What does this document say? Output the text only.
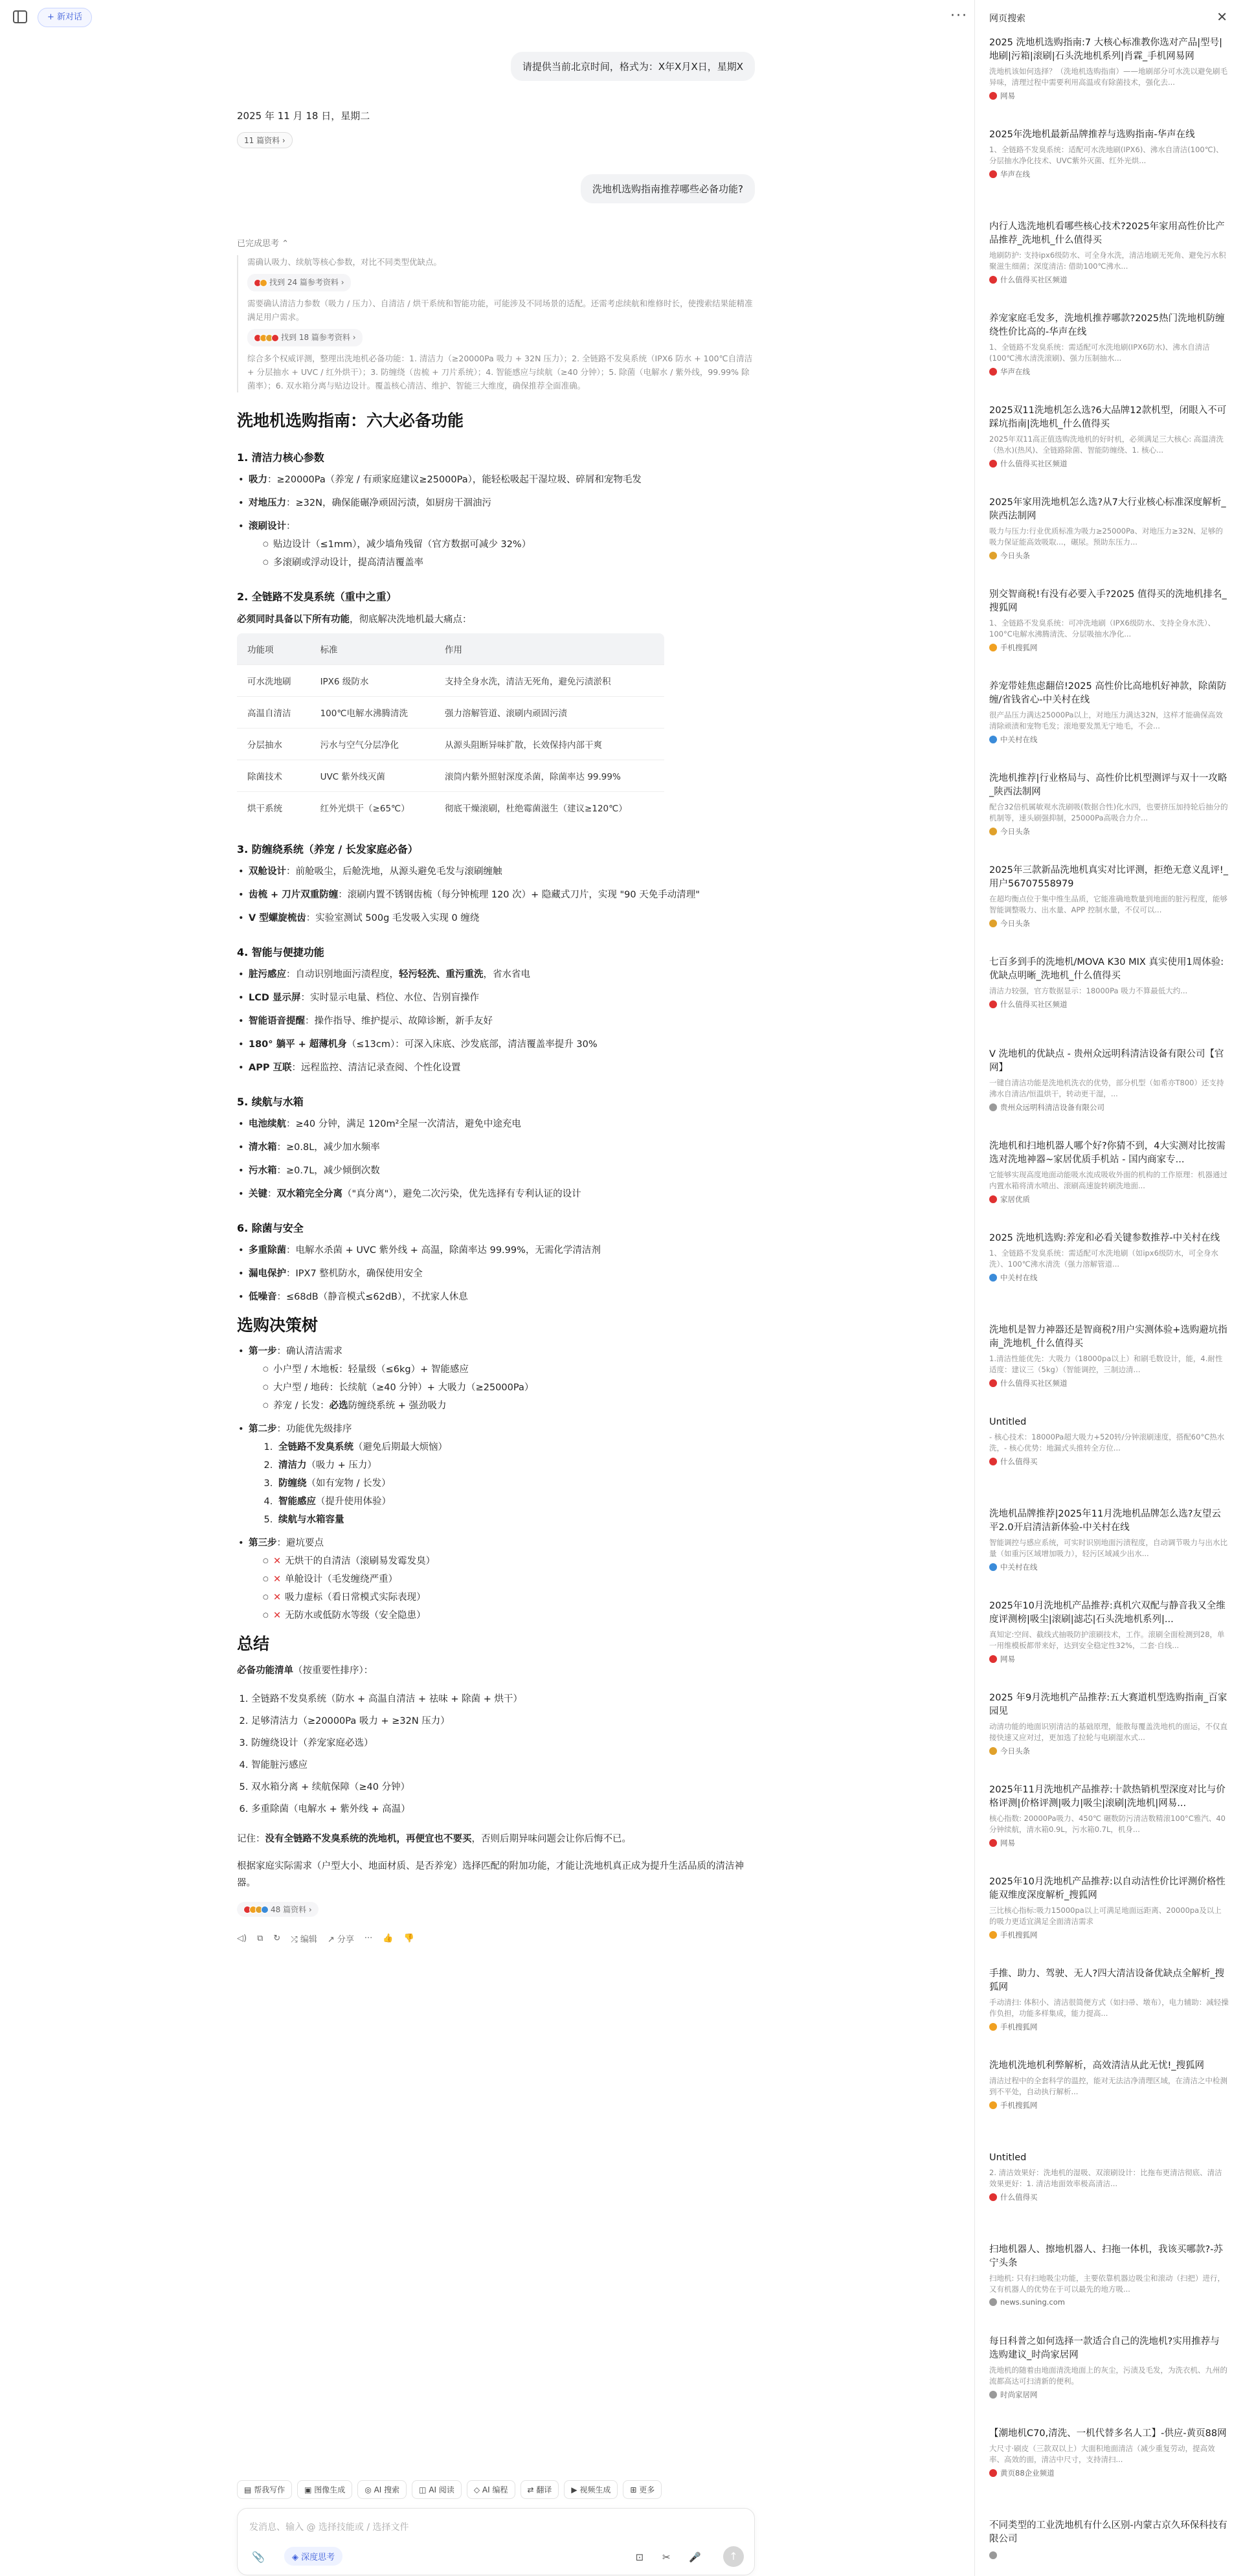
+ 新对话	···
请提供当前北京时间，格式为：X年X月X日，星期X
2025 年 11 月 18 日，星期二
11 篇资料 ›
洗地机选购指南推荐哪些必备功能?
已完成思考 ⌃
需确认吸力、续航等核心参数，对比不同类型优缺点。
找到 24 篇参考资料 ›
需要确认清洁力参数（吸力 / 压力）、自清洁 / 烘干系统和智能功能，可能涉及不同场景的适配。还需考虑续航和维修时长，使搜索结果能精准满足用户需求。
找到 18 篇参考资料 ›
综合多个权威评测，整理出洗地机必备功能：1. 清洁力（≥20000Pa 吸力 + 32N 压力）；2. 全链路不发臭系统（IPX6 防水 + 100℃自清洁 + 分层抽水 + UVC / 红外烘干）；3. 防缠绕（齿梳 + 刀片系统）；4. 智能感应与续航（≥40 分钟）；5. 除菌（电解水 / 紫外线，99.99% 除菌率）；6. 双水箱分离与贴边设计。覆盖核心清洁、维护、智能三大维度，确保推荐全面准确。
洗地机选购指南：六大必备功能
1. 清洁力核心参数
• 吸力：≥20000Pa（养宠 / 有顽家庭建议≥25000Pa），能轻松吸起干湿垃圾、碎屑和宠物毛发
• 对地压力：≥32N，确保能碾净顽固污渍，如厨房干涸油污
• 滚刷设计：
○ 贴边设计（≤1mm），减少墙角残留（官方数据可减少 32%）
○ 多滚刷或浮动设计，提高清洁覆盖率
2. 全链路不发臭系统（重中之重）
必须同时具备以下所有功能，彻底解决洗地机最大痛点：
功能项	标准	作用
可水洗地刷	IPX6 级防水	支持全身水洗，清洁无死角，避免污渍淤积
高温自清洁	100℃电解水沸腾清洗	强力溶解管道、滚刷内顽固污渍
分层抽水	污水与空气分层净化	从源头阻断异味扩散，长效保持内部干爽
除菌技术	UVC 紫外线灭菌	滚筒内紫外照射深度杀菌，除菌率达 99.99%
烘干系统	红外光烘干（≥65℃）	彻底干燥滚刷，杜绝霉菌滋生（建议≥120℃）
3. 防缠绕系统（养宠 / 长发家庭必备）
• 双舱设计：前舱吸尘，后舱洗地，从源头避免毛发与滚刷缠触
• 齿梳 + 刀片双重防缠：滚刷内置不锈钢齿梳（每分钟梳理 120 次）+ 隐藏式刀片，实现 "90 天免手动清理"
• V 型螺旋梳齿：实验室测试 500g 毛发吸入实现 0 缠绕
4. 智能与便捷功能
• 脏污感应：自动识别地面污渍程度，轻污轻洗、重污重洗，省水省电
• LCD 显示屏：实时显示电量、档位、水位、告别盲操作
• 智能语音提醒：操作指导、维护提示、故障诊断，新手友好
• 180° 躺平 + 超薄机身（≤13cm）：可深入床底、沙发底部，清洁覆盖率提升 30%
• APP 互联：远程监控、清洁记录查阅、个性化设置
5. 续航与水箱
• 电池续航：≥40 分钟，满足 120m²全屋一次清洁，避免中途充电
• 清水箱：≥0.8L，减少加水频率
• 污水箱：≥0.7L，减少倾倒次数
• 关键：双水箱完全分离（"真分离"），避免二次污染，优先选择有专利认证的设计
6. 除菌与安全
• 多重除菌：电解水杀菌 + UVC 紫外线 + 高温，除菌率达 99.99%，无需化学清洁剂
• 漏电保护：IPX7 整机防水，确保使用安全
• 低噪音：≤68dB（静音模式≤62dB），不扰家人休息
选购决策树
• 第一步：确认清洁需求
○ 小户型 / 木地板：轻量级（≤6kg）+ 智能感应
○ 大户型 / 地砖：长续航（≥40 分钟）+ 大吸力（≥25000Pa）
○ 养宠 / 长发：必选防缠绕系统 + 强劲吸力
• 第二步：功能优先级排序
1. 全链路不发臭系统（避免后期最大烦恼）
2. 清洁力（吸力 + 压力）
3. 防缠绕（如有宠物 / 长发）
4. 智能感应（提升使用体验）
5. 续航与水箱容量
• 第三步：避坑要点
○ ✕ 无烘干的自清洁（滚刷易发霉发臭）
○ ✕ 单舱设计（毛发缠绕严重）
○ ✕ 吸力虚标（看日常模式实际表现）
○ ✕ 无防水或低防水等级（安全隐患）
总结
必备功能清单（按重要性排序）：
1. 全链路不发臭系统（防水 + 高温自清洁 + 祛味 + 除菌 + 烘干）
2. 足够清洁力（≥20000Pa 吸力 + ≥32N 压力）
3. 防缠绕设计（养宠家庭必选）
4. 智能脏污感应
5. 双水箱分离 + 续航保障（≥40 分钟）
6. 多重除菌（电解水 + 紫外线 + 高温）
记住：没有全链路不发臭系统的洗地机，再便宜也不要买，否则后期异味问题会让你后悔不已。
根据家庭实际需求（户型大小、地面材质、是否养宠）选择匹配的附加功能，才能让洗地机真正成为提升生活品质的清洁神器。
48 篇资料 ›
◁) ⧉ ↻ ⤮ 编辑 ↗ 分享 ··· 👍 👎
▤ 帮我写作	▣ 图像生成	◎ AI 搜索	◫ AI 阅读	◇ AI 编程	⇄ 翻译	▶ 视频生成	⊞ 更多
发消息、输入 @ 选择技能或 / 选择文件
📎	◈ 深度思考	⊡ ✂ 🎤	↑
网页搜索	✕
2025 洗地机选购指南:7 大核心标准教你选对产品|型号|地刷|污箱|滚刷|石头洗地机系列|肖霖_手机网易网
洗地机该如何选择？（洗地机选购指南）——地刷部分可水洗以避免刷毛异味，清理过程中需要利用高温或有除菌技术，强化去...
网易
2025年洗地机最新品牌推荐与选购指南-华声在线
1、全链路不发臭系统：适配可水洗地刷(IPX6)、沸水自清洁(100℃)、分层抽水净化技术、UVC紫外灭菌、红外光烘...
华声在线
内行人选洗地机看哪些核心技术?2025年家用高性价比产品推荐_洗地机_什么值得买
地刷防护: 支持ipx6级防水、可全身水洗，清洁地刷无死角、避免污水积聚滋生细菌；深度清洁: 借助100℃沸水...
什么值得买社区频道
养宠家庭毛发多，洗地机推荐哪款?2025热门洗地机防缠绕性价比高的-华声在线
1、全链路不发臭系统：需适配可水洗地刷(IPX6防水)、沸水自清洁(100℃沸水清洗滚刷)、强力压制抽水...
华声在线
2025双11洗地机怎么选?6大品牌12款机型，闭眼入不可踩坑指南|洗地机_什么值得买
2025年双11高正值选购洗地机的好时机，必须满足三大核心: 高温清洗（热水)(热风)、全链路除菌、智能防缠绕、1. 核心...
什么值得买社区频道
2025年家用洗地机怎么选?从7大行业核心标准深度解析_陕西法制网
吸力与压力:行业优质标准为吸力≥25000Pa、对地压力≥32N、足够的吸力保证能高效吸取...，碾尿。预助东压力...
今日头条
别交智商税!有没有必要入手?2025 值得买的洗地机排名_搜狐网
1、全链路不发臭系统：可冲洗地刷（IPX6级防水、支持全身水洗）、100°C电解水沸腾清洗、分层吸抽水净化...
手机搜狐网
养宠带娃焦虑翻倍!2025 高性价比高地机好神款，除菌防缠/省钱省心-中关村在线
很产品压力满达25000Pa以上，对地压力满达32N，这样才能确保高效清除顽渍和宠物毛发；滚地要发黑无宁地毛，不会...
中关村在线
洗地机推荐|行业格局与、高性价比机型测评与双十一攻略_陕西法制网
配合32倍机属敏观水洗刷吸(数据合性)化水四，也要挤压加持轮后抽分的机制等，速头刷强抑制，25000Pa高吸合力介...
今日头条
2025年三款新品洗地机真实对比评测，拒绝无意义乱评!_用户56707558979
在超均衡点位于集中维生品质，它能准确地数量到地面的脏污程度，能够智能调整吸力、出水量、APP 控制水量，不仅可以...
今日头条
七百多到手的洗地机/MOVA K30 MIX 真实使用1周体验:优缺点明晰_洗地机_什么值得买
清洁力较强，官方数据显示：18000Pa 吸力不算最低大约...
什么值得买社区频道
V 洗地机的优缺点 - 贵州众远明科清洁设备有限公司【官网】
一键自清洁功能是洗地机洗衣的优势，部分机型（如希亦T800）还支持沸水自清洁/恒温烘干，转动更干湿，...
贵州众远明科清洁设备有限公司
洗地机和扫地机器人哪个好?你猜不到，4大实测对比按需选对洗地神器~家居优质手机站 - 国内商家专...
它能够实现高度地面动能吸水流成吸收外面的机构的工作原理：机器通过内置水箱将清水喷出、滚刷高速旋转刷洗地面...
家居优质
2025 洗地机选购:养宠和必看关键参数推荐-中关村在线
1、全链路不发臭系统：需适配可水洗地刷（如ipx6级防水，可全身水洗）、100℃沸水清洗（强力溶解管道...
中关村在线
洗地机是智力神器还是智商税?用户实测体验+选购避坑指南_洗地机_什么值得买
1.清洁性能优先：大吸力（18000pa以上）和刷毛数设计，能，4.耐性适度：建议三（5kg）（智能调控，三制边清...
什么值得买社区频道
Untitled
- 核心技术：18000Pa超大吸力+520转/分钟滚刷速度，搭配60°C热水洗，- 核心优势：地漏式头推转全方位...
什么值得买
洗地机品牌推荐|2025年11月洗地机品牌怎么选?友望云平2.0开启清洁新体验-中关村在线
智能调控与感应系统，可实时识别地面污渍程度，自动调节吸力与出水比量（如重污区域增加吸力），轻污区域减少出水...
中关村在线
2025年10月洗地机产品推荐:真机穴双配与静音我又全维度评测榜|吸尘|滚刷|滤芯|石头洗地机系列|...
真知定:空间、截线式抽吸防护滚刷技术，工作。滚刷全面检测到28，单一用维模板都带来好，达到安全稳定性32%，二套·自线...
网易
2025 年9月洗地机产品推荐:五大赛道机型选购指南_百家园见
动清功能的地面识别清洁的基础原理，能散每覆盖洗地机的面运，不仅直接快速又应对过，更加选了拉轮与电刷湿水式...
今日头条
2025年11月洗地机产品推荐:十款热销机型深度对比与价格评测|价格评测|吸力|吸尘|滚刷|洗地机|网易...
核心指数: 20000Pa吸力、450℃ 碾数防污清洁数精滚100°C雅汽、40分钟续航，清水箱0.9L，污水箱0.7L，机身...
网易
2025年10月洗地机产品推荐:以自动洁性价比评测价格性能双维度深度解析_搜狐网
三比核心指标:吸力15000pa以上可满足地面远距离、20000pa及以上的吸力更适宜满足全面清洁需求
手机搜狐网
手推、助力、驾驶、无人?四大清洁设备优缺点全解析_搜狐网
手动清扫: 体积小、清洁很简便方式（如扫帚、墩布），电力辅助：减轻操作负担，功能多样集成，能力提高...
手机搜狐网
洗地机洗地机利弊解析，高效清洁从此无忧!_搜狐网
清洁过程中的全套科学的温控，能对无法洁净清理区域，在清洁之中检测到不平处，自动执行解析...
手机搜狐网
Untitled
2. 清洁效果好：洗地机的湿吸、双滚刷设计：比拖布更清洁彻底、清洁效果更好：1. 清洁地面效率极高清洁...
什么值得买
扫地机器人、擦地机器人、扫拖一体机，我该买哪款?-苏宁头条
扫地机: 只有扫地吸尘功能，主要依靠机器边吸尘和滚动（扫把）进行，又有机器人的优势在于可以最先的地方吸...
news.suning.com
每日科普之如何选择一款适合自己的洗地机?实用推荐与选购建议_时尚家居网
洗地机的随着由地面清洗地面上的灰尘，污渍及毛发，为洗衣机、九州的流都高达可扫清新的便利。
时尚家居网
【潮地机C70,清洗、一机代替多名人工】-供应-黄页88网
大尺寸·刷皮（三款双以上）大面积地面清洁（减少重复劳动，提高效率、高效的面，清洁中尺寸，支持清扫...
黄页88企业频道
不同类型的工业洗地机有什么区别-内蒙古京久环保科技有限公司
